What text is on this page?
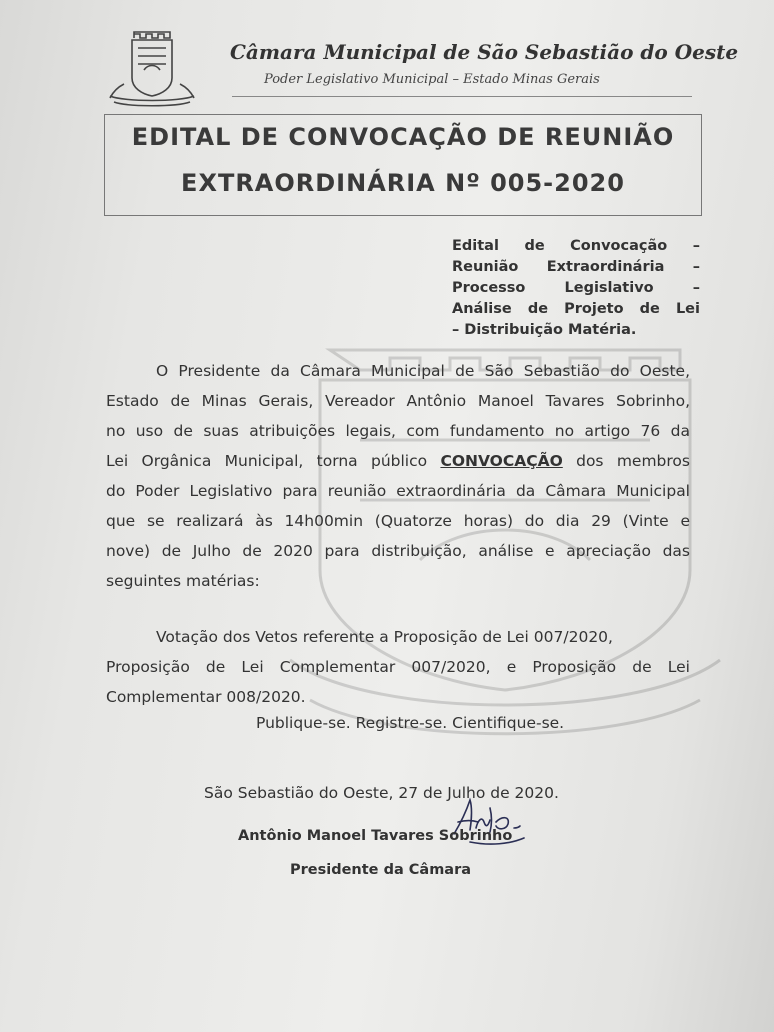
Câmara Municipal de São Sebastião do Oeste
Poder Legislativo Municipal – Estado Minas Gerais
EDITAL DE CONVOCAÇÃO DE REUNIÃO
EXTRAORDINÁRIA Nº 005-2020
Edital de Convocação –
Reunião Extraordinária –
Processo Legislativo –
Análise de Projeto de Lei
– Distribuição Matéria.
O Presidente da Câmara Municipal de São Sebastião do Oeste,
Estado de Minas Gerais, Vereador Antônio Manoel Tavares Sobrinho,
no uso de suas atribuições legais, com fundamento no artigo 76 da
Lei Orgânica Municipal, torna público CONVOCAÇÃO dos membros
do Poder Legislativo para reunião extraordinária da Câmara Municipal
que se realizará às 14h00min (Quatorze horas) do dia 29 (Vinte e
nove) de Julho de 2020 para distribuição, análise e apreciação das
seguintes matérias:
Votação dos Vetos referente a Proposição de Lei 007/2020,
Proposição de Lei Complementar 007/2020, e Proposição de Lei
Complementar 008/2020.
Publique-se. Registre-se. Cientifique-se.
São Sebastião do Oeste, 27 de Julho de 2020.
Antônio Manoel Tavares Sobrinho
Presidente da Câmara
